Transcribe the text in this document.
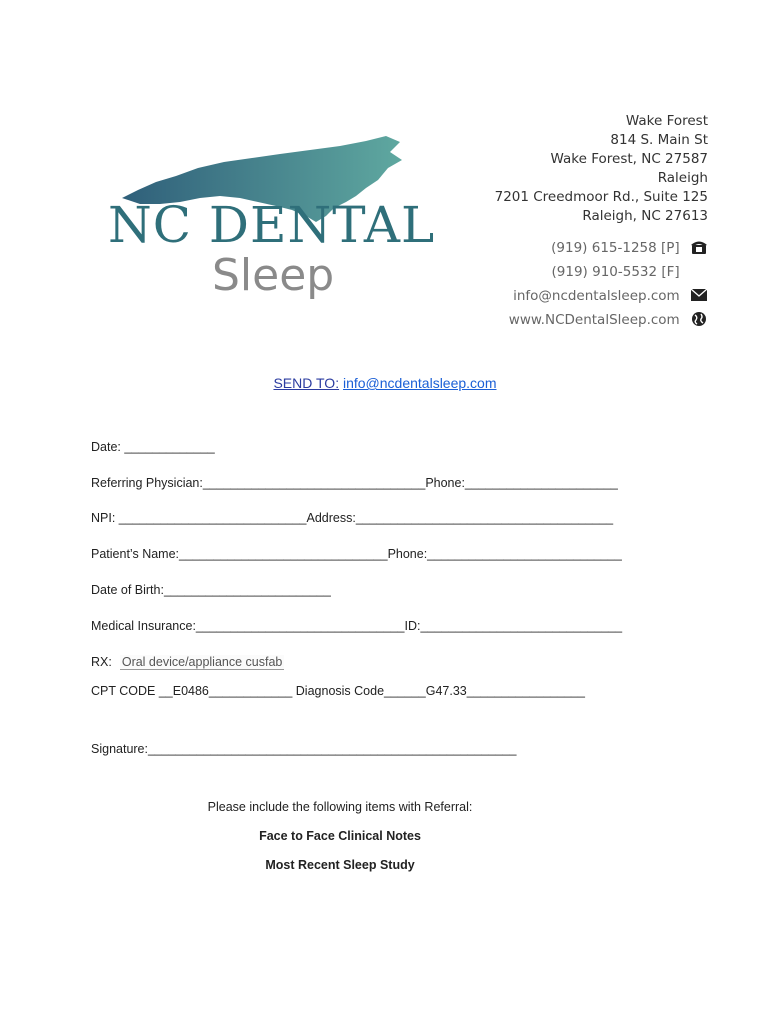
NC DENTAL
Sleep
Wake Forest
814 S. Main St
Wake Forest, NC 27587
Raleigh
7201 Creedmoor Rd., Suite 125
Raleigh, NC 27613
(919) 615-1258 [P]
(919) 910-5532 [F]
info@ncdentalsleep.com
www.NCDentalSleep.com
SEND TO: info@ncdentalsleep.com
Date: _____________
Referring Physician:________________________________Phone:______________________
NPI: ___________________________Address:_____________________________________
Patient’s Name:______________________________Phone:____________________________
Date of Birth:________________________
Medical Insurance:______________________________ID:_____________________________
RX: Oral device/appliance cusfab
CPT CODE __E0486____________ Diagnosis Code______G47.33_________________
Signature:_____________________________________________________
Please include the following items with Referral:
Face to Face Clinical Notes
Most Recent Sleep Study
